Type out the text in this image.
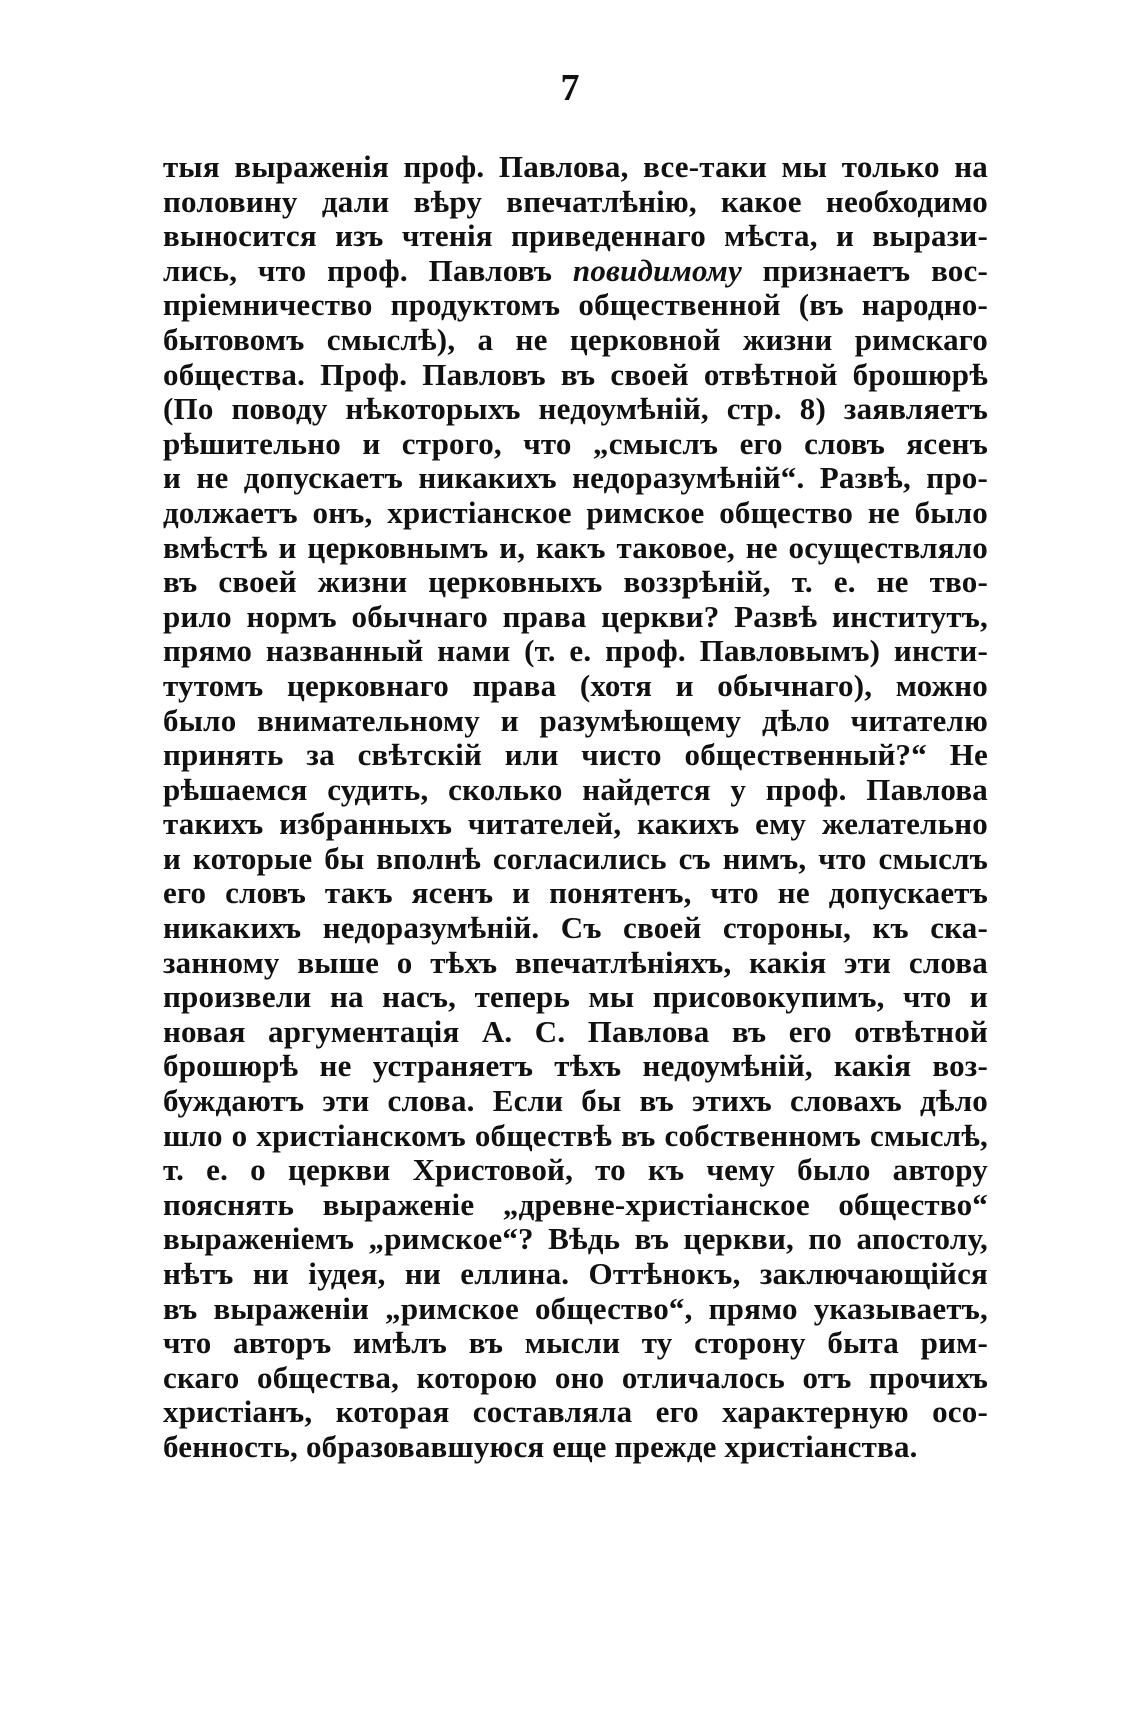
7
тыя выраженія проф. Павлова, все-таки мы только на
половину дали вѣру впечатлѣнію, какое необходимо
выносится изъ чтенія приведеннаго мѣста, и вырази-
лись, что проф. Павловъ повидимому признаетъ вос-
пріемничество продуктомъ общественной (въ народно-
бытовомъ смыслѣ), а не церковной жизни римскаго
общества. Проф. Павловъ въ своей отвѣтной брошюрѣ
(По поводу нѣкоторыхъ недоумѣній, стр. 8) заявляетъ
рѣшительно и строго, что „смыслъ его словъ ясенъ
и не допускаетъ никакихъ недоразумѣній“. Развѣ, про-
должаетъ онъ, христіанское римское общество не было
вмѣстѣ и церковнымъ и, какъ таковое, не осуществляло
въ своей жизни церковныхъ воззрѣній, т. е. не тво-
рило нормъ обычнаго права церкви? Развѣ институтъ,
прямо названный нами (т. е. проф. Павловымъ) инсти-
тутомъ церковнаго права (хотя и обычнаго), можно
было внимательному и разумѣющему дѣло читателю
принять за свѣтскій или чисто общественный?“ Не
рѣшаемся судить, сколько найдется у проф. Павлова
такихъ избранныхъ читателей, какихъ ему желательно
и которые бы вполнѣ согласились съ нимъ, что смыслъ
его словъ такъ ясенъ и понятенъ, что не допускаетъ
никакихъ недоразумѣній. Съ своей стороны, къ ска-
занному выше о тѣхъ впечатлѣніяхъ, какія эти слова
произвели на насъ, теперь мы присовокупимъ, что и
новая аргументація А. С. Павлова въ его отвѣтной
брошюрѣ не устраняетъ тѣхъ недоумѣній, какія воз-
буждаютъ эти слова. Если бы въ этихъ словахъ дѣло
шло о христіанскомъ обществѣ въ собственномъ смыслѣ,
т. е. о церкви Христовой, то къ чему было автору
пояснять выраженіе „древне-христіанское общество“
выраженіемъ „римское“? Вѣдь въ церкви, по апостолу,
нѣтъ ни іудея, ни еллина. Оттѣнокъ, заключающійся
въ выраженіи „римское общество“, прямо указываетъ,
что авторъ имѣлъ въ мысли ту сторону быта рим-
скаго общества, которою оно отличалось отъ прочихъ
христіанъ, которая составляла его характерную осо-
бенность, образовавшуюся еще прежде христіанства.
